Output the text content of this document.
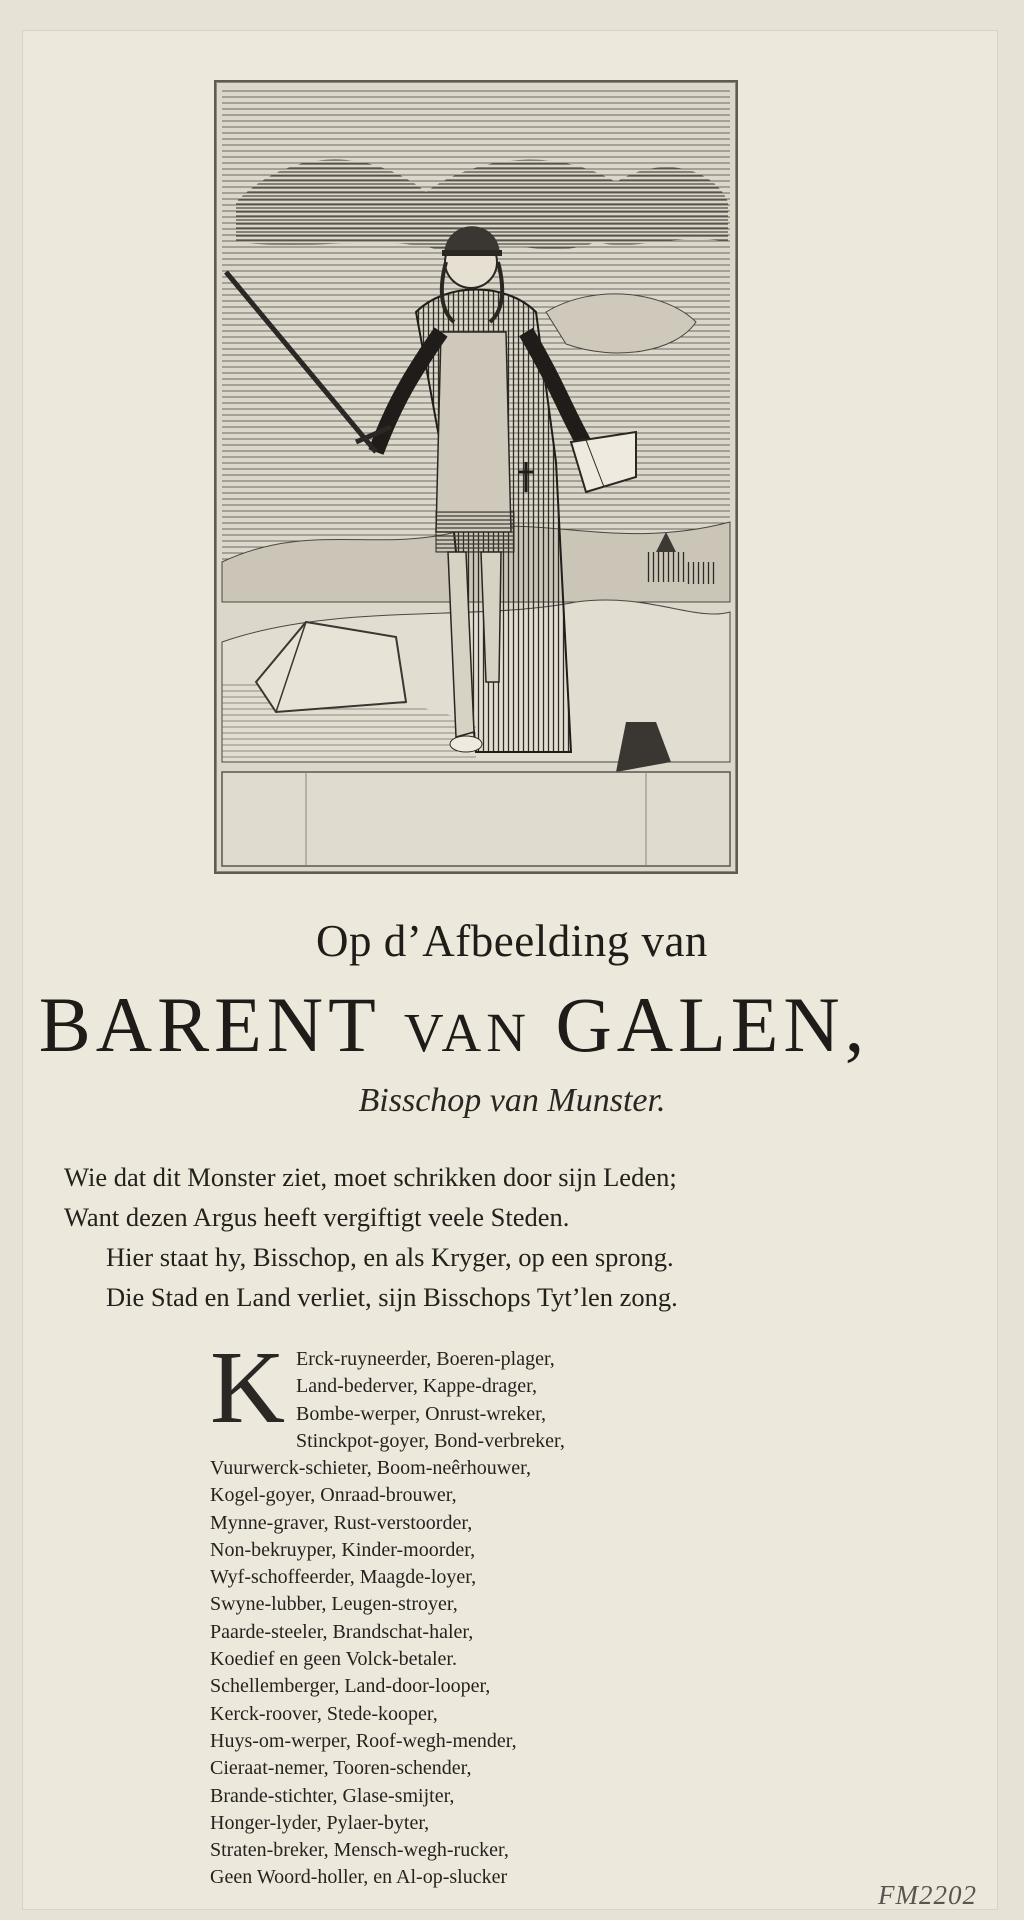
Op d’Afbeelding van
BARENT van GALEN,
Bisschop van Munster.
Wie dat dit Monster ziet, moet schrikken door sijn Leden;
Want dezen Argus heeft vergiftigt veele Steden.
Hier staat hy, Bisschop, en als Kryger, op een sprong.
Die Stad en Land verliet, sijn Bisschops Tyt’len zong.
K Erck-ruyneerder, Boeren-plager,
Land-bederver, Kappe-drager,
Bombe-werper, Onrust-wreker,
Stinckpot-goyer, Bond-verbreker,
Vuurwerck-schieter, Boom-neêrhouwer,
Kogel-goyer, Onraad-brouwer,
Mynne-graver, Rust-verstoorder,
Non-bekruyper, Kinder-moorder,
Wyf-schoffeerder, Maagde-loyer,
Swyne-lubber, Leugen-stroyer,
Paarde-steeler, Brandschat-haler,
Koedief en geen Volck-betaler.
Schellemberger, Land-door-looper,
Kerck-roover, Stede-kooper,
Huys-om-werper, Roof-wegh-mender,
Cieraat-nemer, Tooren-schender,
Brande-stichter, Glase-smijter,
Honger-lyder, Pylaer-byter,
Straten-breker, Mensch-wegh-rucker,
Geen Woord-holler, en Al-op-slucker
FM2202
